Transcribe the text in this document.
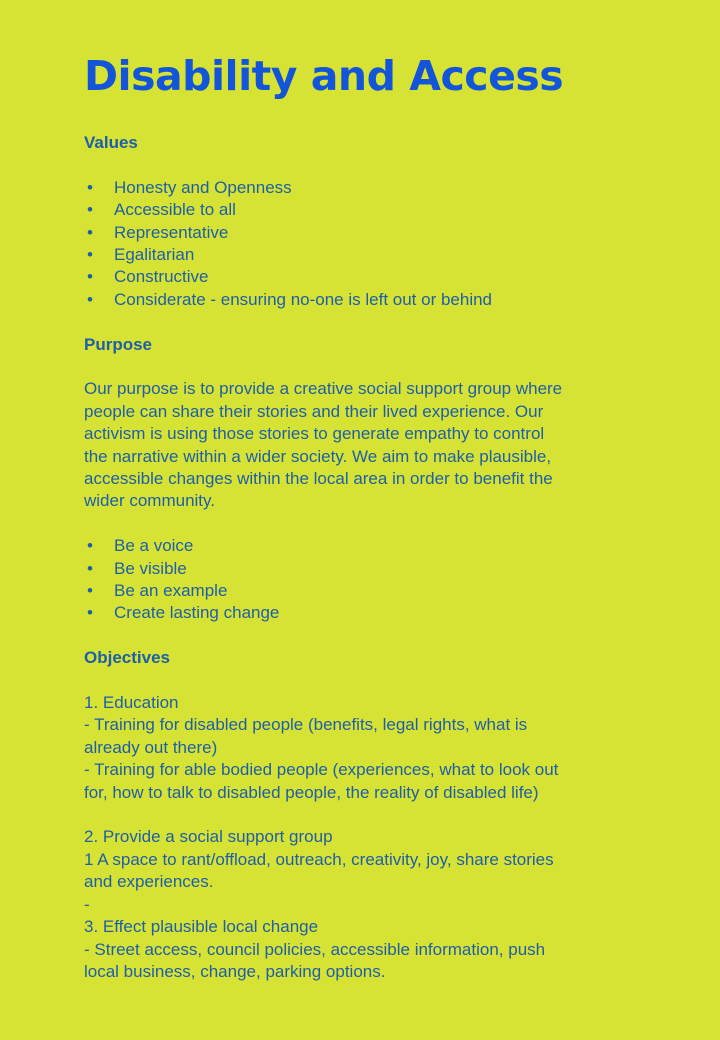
Disability and Access

Values

• Honesty and Openness
• Accessible to all
• Representative
• Egalitarian
• Constructive
• Considerate - ensuring no-one is left out or behind

Purpose

Our purpose is to provide a creative social support group where

people can share their stories and their lived experience. Our

activism is using those stories to generate empathy to control

the narrative within a wider society. We aim to make plausible,

accessible changes within the local area in order to benefit the

wider community.

• Be a voice
• Be visible
• Be an example
• Create lasting change

Objectives

1. Education

- Training for disabled people (benefits, legal rights, what is

already out there)

- Training for able bodied people (experiences, what to look out

for, how to talk to disabled people, the reality of disabled life)

2. Provide a social support group

1 A space to rant/offload, outreach, creativity, joy, share stories

and experiences.

-

3. Effect plausible local change

- Street access, council policies, accessible information, push

local business, change, parking options.
